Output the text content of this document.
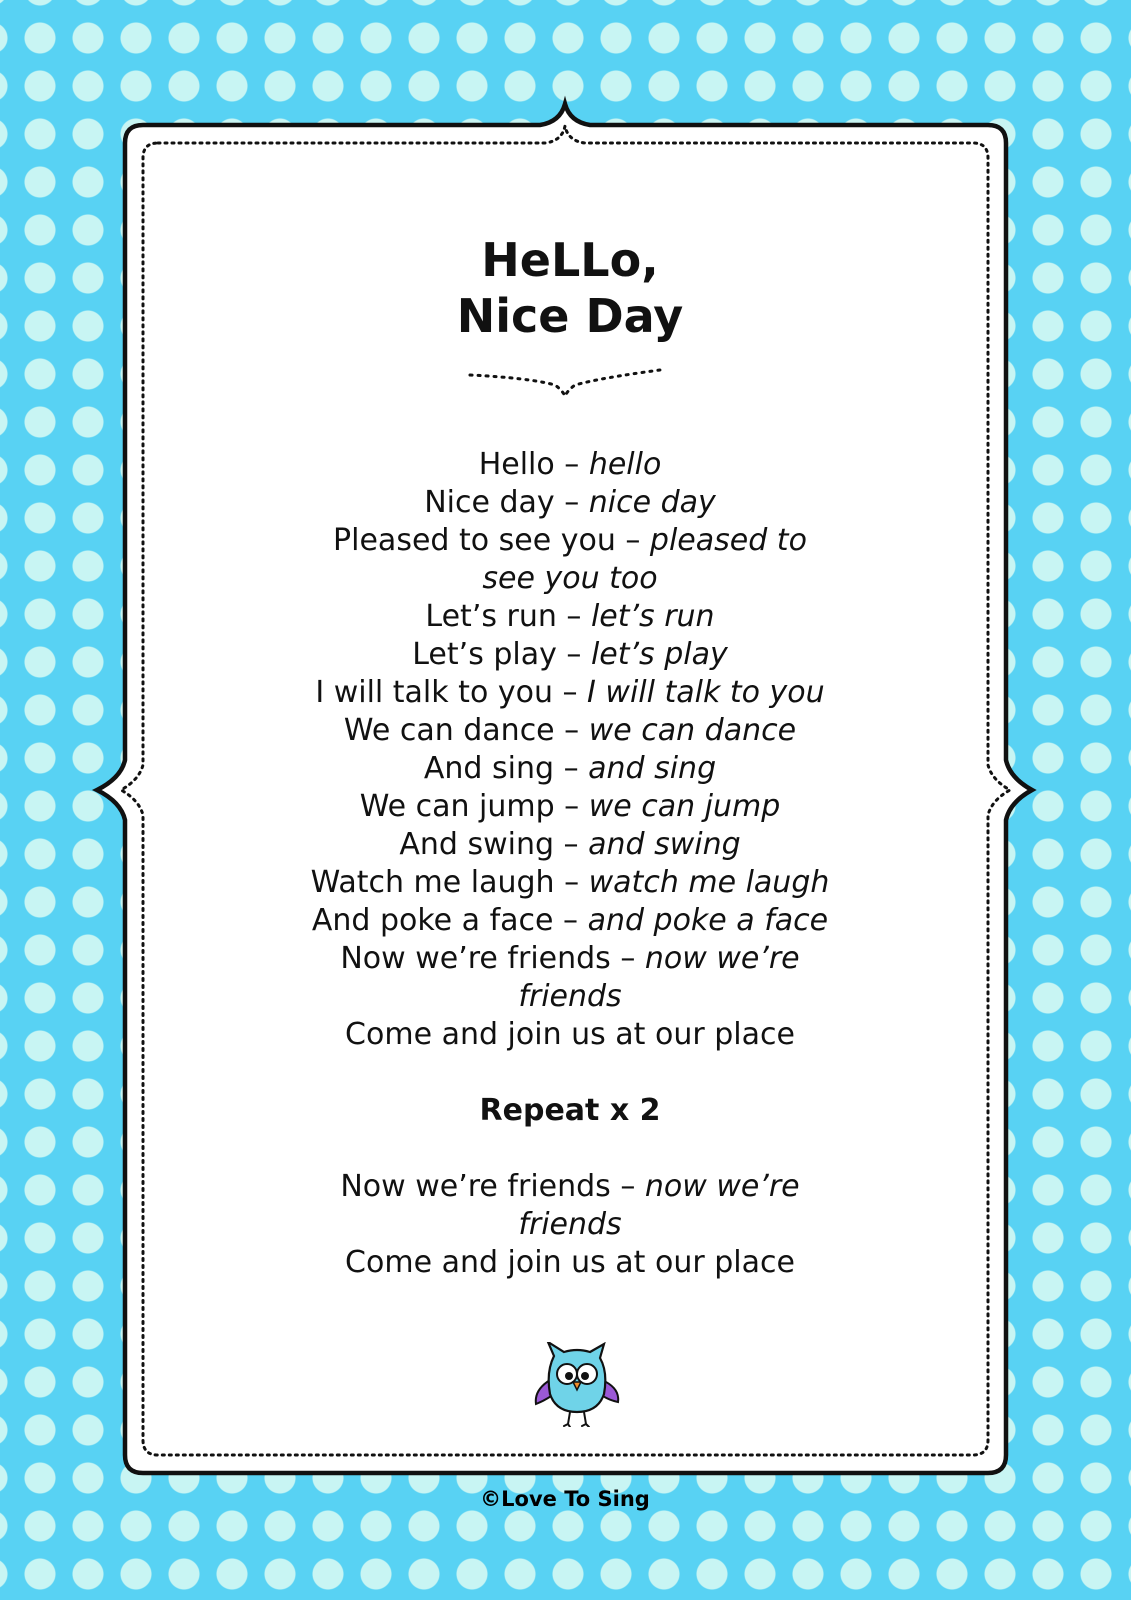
HeLLo,
Nice Day
Hello – hello
Nice day – nice day
Pleased to see you – pleased to
see you too
Let’s run – let’s run
Let’s play – let’s play
I will talk to you – I will talk to you
We can dance – we can dance
And sing – and sing
We can jump – we can jump
And swing – and swing
Watch me laugh – watch me laugh
And poke a face – and poke a face
Now we’re friends – now we’re
friends
Come and join us at our place
Repeat x 2
Now we’re friends – now we’re
friends
Come and join us at our place
©Love To Sing
